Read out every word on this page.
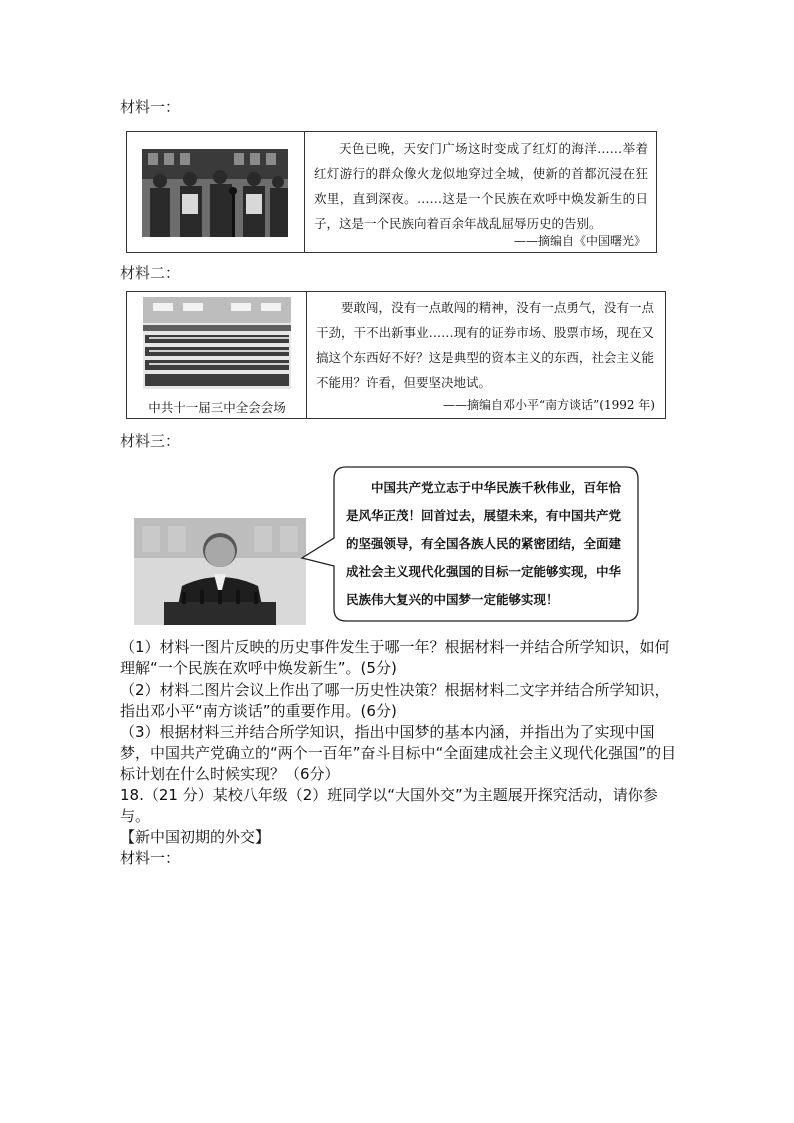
材料一：
天色已晚，天安门广场这时变成了红灯的海洋……举着红灯游行的群众像火龙似地穿过全城，使新的首都沉浸在狂欢里，直到深夜。……这是一个民族在欢呼中焕发新生的日子，这是一个民族向着百余年战乱屈辱历史的告别。
——摘编自《中国曙光》
材料二：
中共十一届三中全会会场
要敢闯，没有一点敢闯的精神，没有一点勇气，没有一点干劲，干不出新事业……现有的证券市场、股票市场，现在又搞这个东西好不好？这是典型的资本主义的东西，社会主义能不能用？许看，但要坚决地试。
——摘编自邓小平“南方谈话”(1992 年)
材料三：
中国共产党立志于中华民族千秋伟业，百年恰是风华正茂！回首过去，展望未来，有中国共产党的坚强领导，有全国各族人民的紧密团结，全面建成社会主义现代化强国的目标一定能够实现，中华民族伟大复兴的中国梦一定能够实现！
（1）材料一图片反映的历史事件发生于哪一年？根据材料一并结合所学知识，如何理解“一个民族在欢呼中焕发新生”。(5分)
（2）材料二图片会议上作出了哪一历史性决策？根据材料二文字并结合所学知识，指出邓小平“南方谈话”的重要作用。(6分)
（3）根据材料三并结合所学知识，指出中国梦的基本内涵，并指出为了实现中国梦，中国共产党确立的“两个一百年”奋斗目标中“全面建成社会主义现代化强国”的目标计划在什么时候实现？（6分）
18.（21 分）某校八年级（2）班同学以“大国外交”为主题展开探究活动，请你参与。
【新中国初期的外交】
材料一：
